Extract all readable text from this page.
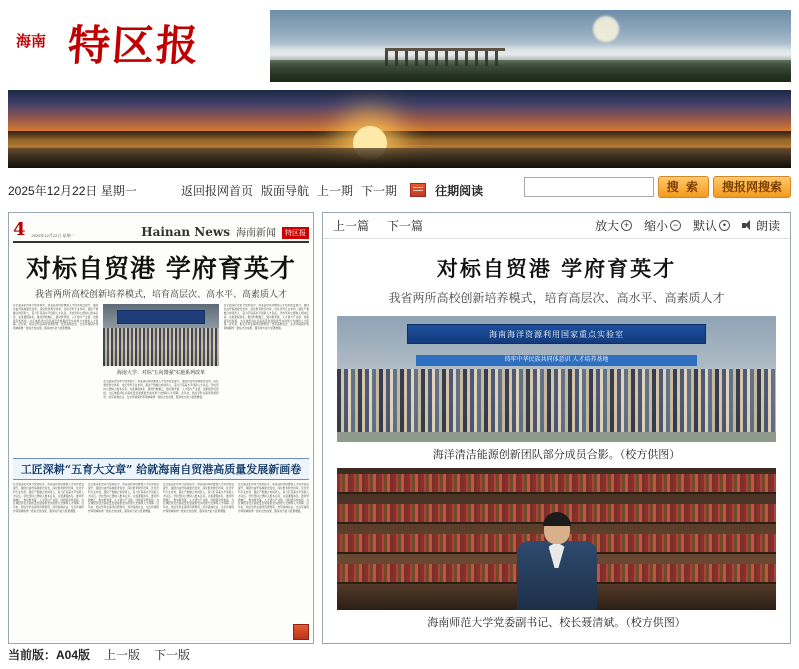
海南 特区报
2025年12月22日 星期一	返回报网首页 版面导航 上一期 下一期	往期阅读	搜 索	搜报网搜索
4 2025年12月22日 星期一	Hainan News 海南新闻	特区报
对标自贸港 学府育英才
我省两所高校创新培养模式，培育高层次、高水平、高素质人才
在全面深化改革开放进程中，我省高校持续聚焦人才培养质量提升，围绕自由贸易港建设需求，深化教育教学改革，优化学科专业布局，强化产教融合协同育人，着力打造高水平创新人才队伍。学校坚持立德树人根本任务，完善课程体系，推进科教融汇，推动教育链、人才链与产业链、创新链有机衔接，为区域经济社会高质量发展提供坚实的智力支撑和人才保障。近年来，相关学科在海洋资源利用、热带高效农业、生态环境保护等领域取得一批标志性成果，服务地方能力显著增强。
海南大学：对标“五向图强”实施系列改革
在全面深化改革开放进程中，我省高校持续聚焦人才培养质量提升，围绕自由贸易港建设需求，深化教育教学改革，优化学科专业布局，强化产教融合协同育人，着力打造高水平创新人才队伍。学校坚持立德树人根本任务，完善课程体系，推进科教融汇，推动教育链、人才链与产业链、创新链有机衔接，为区域经济社会高质量发展提供坚实的智力支撑和人才保障。近年来，相关学科在海洋资源利用、热带高效农业、生态环境保护等领域取得一批标志性成果，服务地方能力显著增强。
在全面深化改革开放进程中，我省高校持续聚焦人才培养质量提升，围绕自由贸易港建设需求，深化教育教学改革，优化学科专业布局，强化产教融合协同育人，着力打造高水平创新人才队伍。学校坚持立德树人根本任务，完善课程体系，推进科教融汇，推动教育链、人才链与产业链、创新链有机衔接，为区域经济社会高质量发展提供坚实的智力支撑和人才保障。近年来，相关学科在海洋资源利用、热带高效农业、生态环境保护等领域取得一批标志性成果，服务地方能力显著增强。
工匠深耕“五育大文章” 给就海南自贸港高质量发展新画卷
在全面深化改革开放进程中，我省高校持续聚焦人才培养质量提升，围绕自由贸易港建设需求，深化教育教学改革，优化学科专业布局，强化产教融合协同育人，着力打造高水平创新人才队伍。学校坚持立德树人根本任务，完善课程体系，推进科教融汇，推动教育链、人才链与产业链、创新链有机衔接，为区域经济社会高质量发展提供坚实的智力支撑和人才保障。近年来，相关学科在海洋资源利用、热带高效农业、生态环境保护等领域取得一批标志性成果，服务地方能力显著增强。
在全面深化改革开放进程中，我省高校持续聚焦人才培养质量提升，围绕自由贸易港建设需求，深化教育教学改革，优化学科专业布局，强化产教融合协同育人，着力打造高水平创新人才队伍。学校坚持立德树人根本任务，完善课程体系，推进科教融汇，推动教育链、人才链与产业链、创新链有机衔接，为区域经济社会高质量发展提供坚实的智力支撑和人才保障。近年来，相关学科在海洋资源利用、热带高效农业、生态环境保护等领域取得一批标志性成果，服务地方能力显著增强。
在全面深化改革开放进程中，我省高校持续聚焦人才培养质量提升，围绕自由贸易港建设需求，深化教育教学改革，优化学科专业布局，强化产教融合协同育人，着力打造高水平创新人才队伍。学校坚持立德树人根本任务，完善课程体系，推进科教融汇，推动教育链、人才链与产业链、创新链有机衔接，为区域经济社会高质量发展提供坚实的智力支撑和人才保障。近年来，相关学科在海洋资源利用、热带高效农业、生态环境保护等领域取得一批标志性成果，服务地方能力显著增强。
在全面深化改革开放进程中，我省高校持续聚焦人才培养质量提升，围绕自由贸易港建设需求，深化教育教学改革，优化学科专业布局，强化产教融合协同育人，着力打造高水平创新人才队伍。学校坚持立德树人根本任务，完善课程体系，推进科教融汇，推动教育链、人才链与产业链、创新链有机衔接，为区域经济社会高质量发展提供坚实的智力支撑和人才保障。近年来，相关学科在海洋资源利用、热带高效农业、生态环境保护等领域取得一批标志性成果，服务地方能力显著增强。
上一篇 下一篇	放大 + 缩小 − 默认 •	朗读
对标自贸港 学府育英才
我省两所高校创新培养模式，培育高层次、高水平、高素质人才
海南海洋资源利用国家重点实验室
铸牢中华民族共同体意识 人才培养基地
海洋清洁能源创新团队部分成员合影。（校方供图）
海南师范大学党委副书记、校长聂清斌。（校方供图）
当前版：A04版 上一版 下一版
